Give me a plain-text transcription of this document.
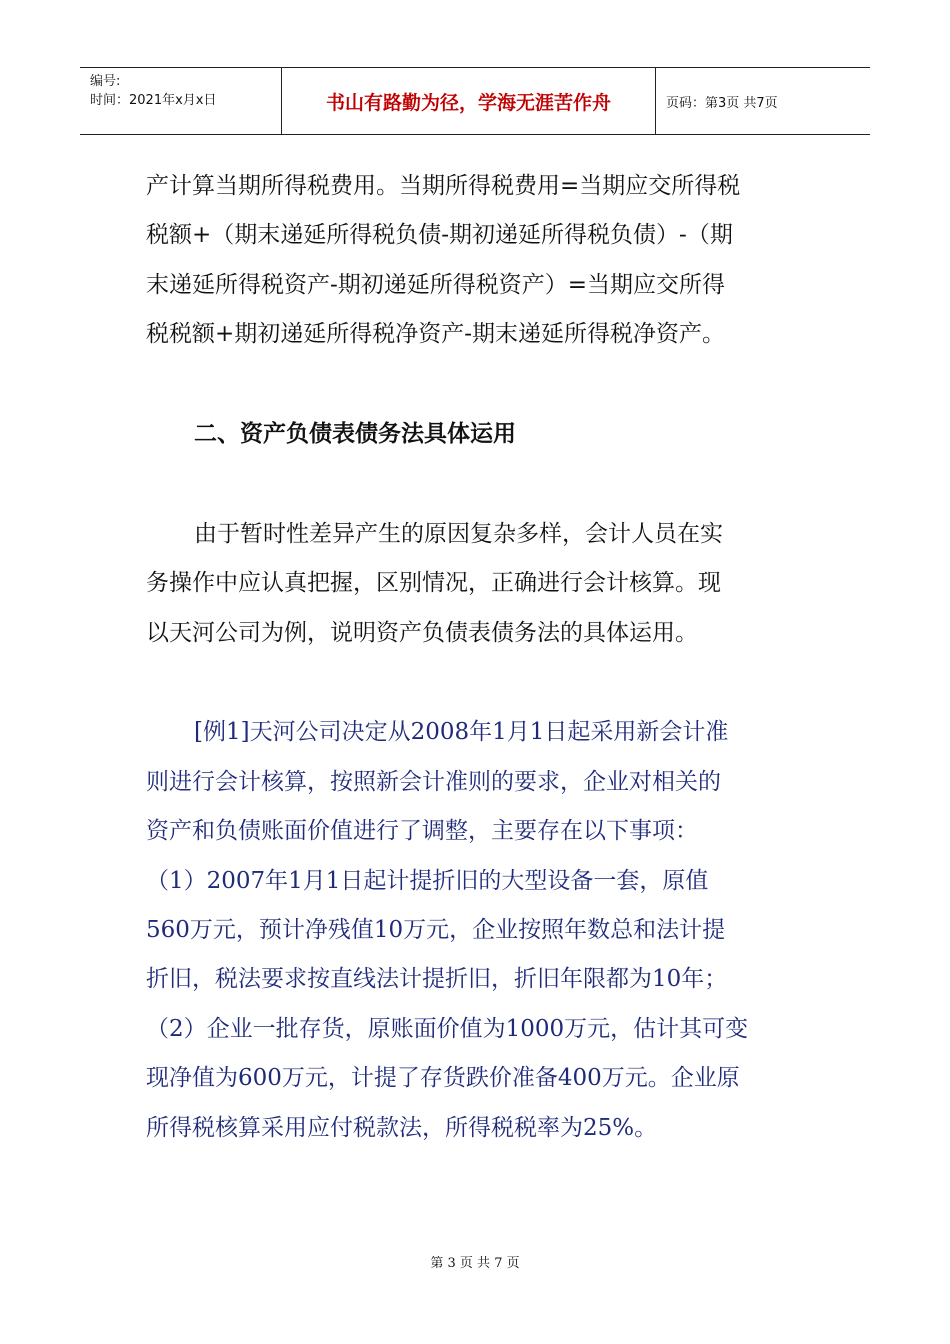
编号:
时间：2021年x月x日	书山有路勤为径，学海无涯苦作舟	页码：第3页 共7页
产计算当期所得税费用。当期所得税费用=当期应交所得税
税额+（期末递延所得税负债-期初递延所得税负债）-（期
末递延所得税资产-期初递延所得税资产）=当期应交所得
税税额+期初递延所得税净资产-期末递延所得税净资产。
二、资产负债表债务法具体运用
由于暂时性差异产生的原因复杂多样，会计人员在实
务操作中应认真把握，区别情况，正确进行会计核算。现
以天河公司为例，说明资产负债表债务法的具体运用。
[例1]天河公司决定从2008年1月1日起采用新会计准
则进行会计核算，按照新会计准则的要求，企业对相关的
资产和负债账面价值进行了调整，主要存在以下事项：
（1）2007年1月1日起计提折旧的大型设备一套，原值
560万元，预计净残值10万元，企业按照年数总和法计提
折旧，税法要求按直线法计提折旧，折旧年限都为10年；
（2）企业一批存货，原账面价值为1000万元，估计其可变
现净值为600万元，计提了存货跌价准备400万元。企业原
所得税核算采用应付税款法，所得税税率为25%。
第 3 页 共 7 页
